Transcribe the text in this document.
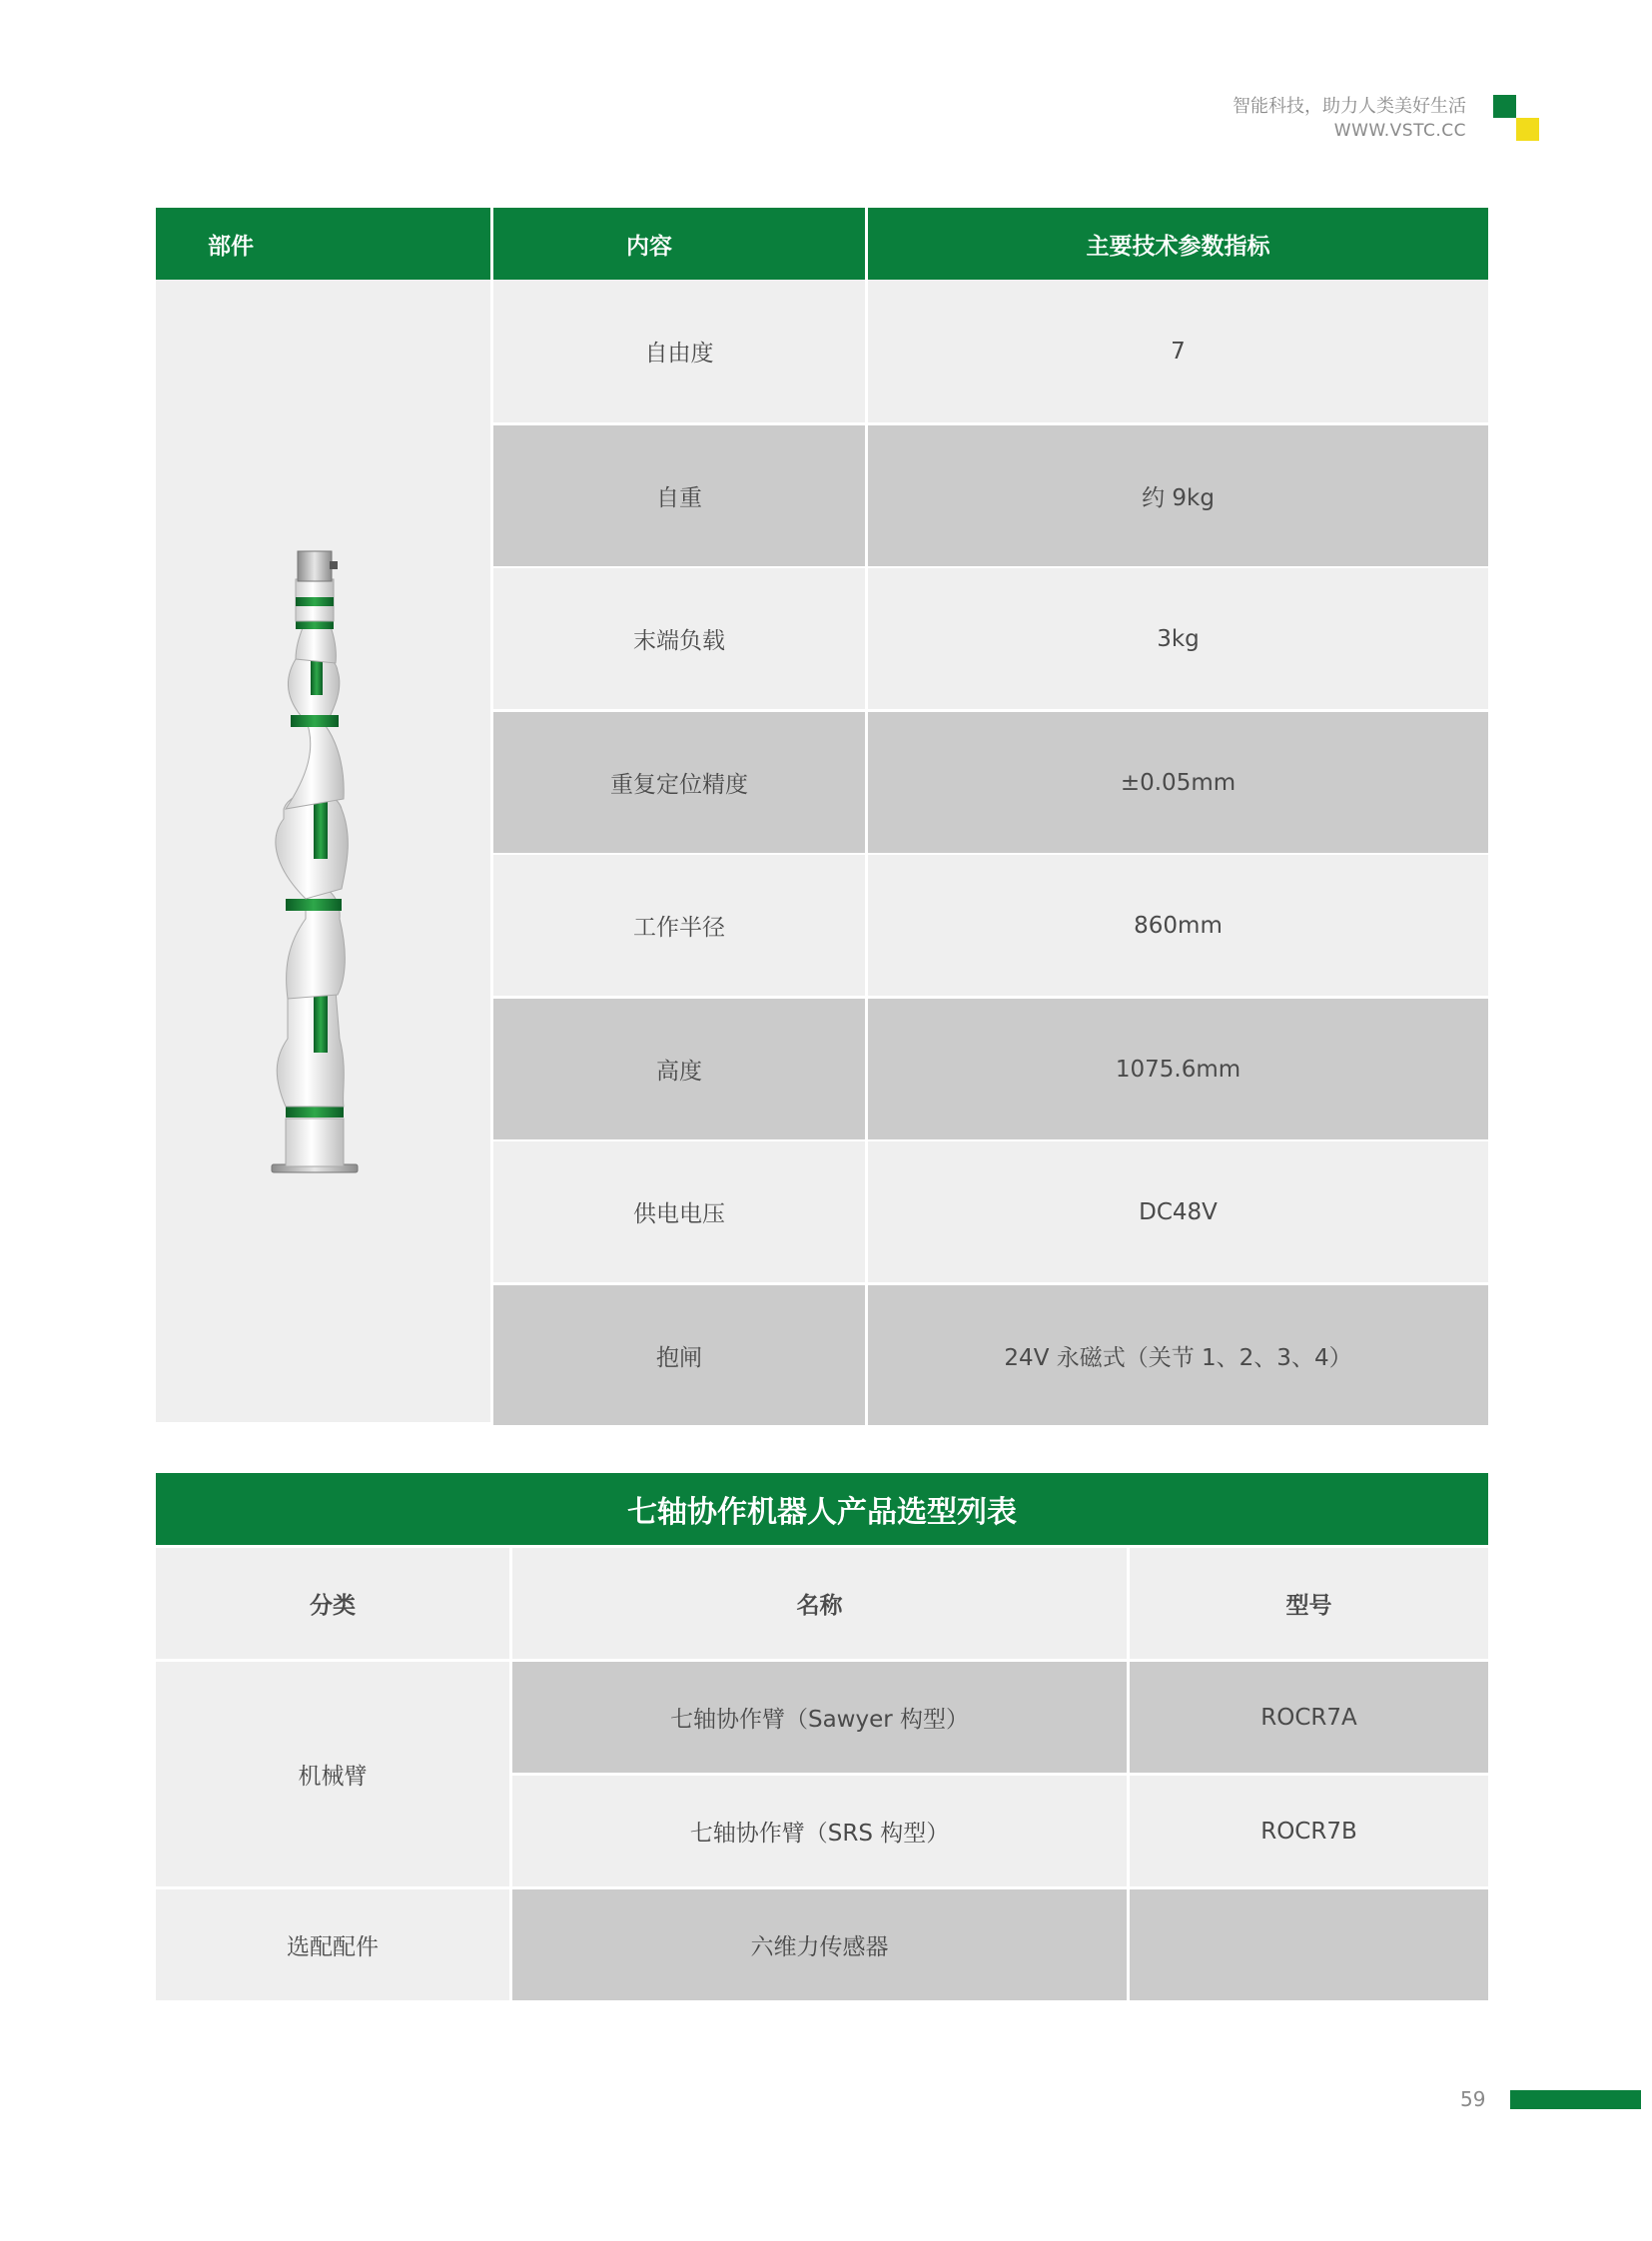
智能科技，助力人类美好生活
WWW.VSTC.CC
部件	内容	主要技术参数指标
自由度	7
自重	约 9kg
末端负载	3kg
重复定位精度	±0.05mm
工作半径	860mm
高度	1075.6mm
供电电压	DC48V
抱闸	24V 永磁式（关节 1、2、3、4）
七轴协作机器人产品选型列表
分类	名称	型号
机械臂
七轴协作臂（Sawyer 构型）	ROCR7A
七轴协作臂（SRS 构型）	ROCR7B
选配配件	六维力传感器
59
